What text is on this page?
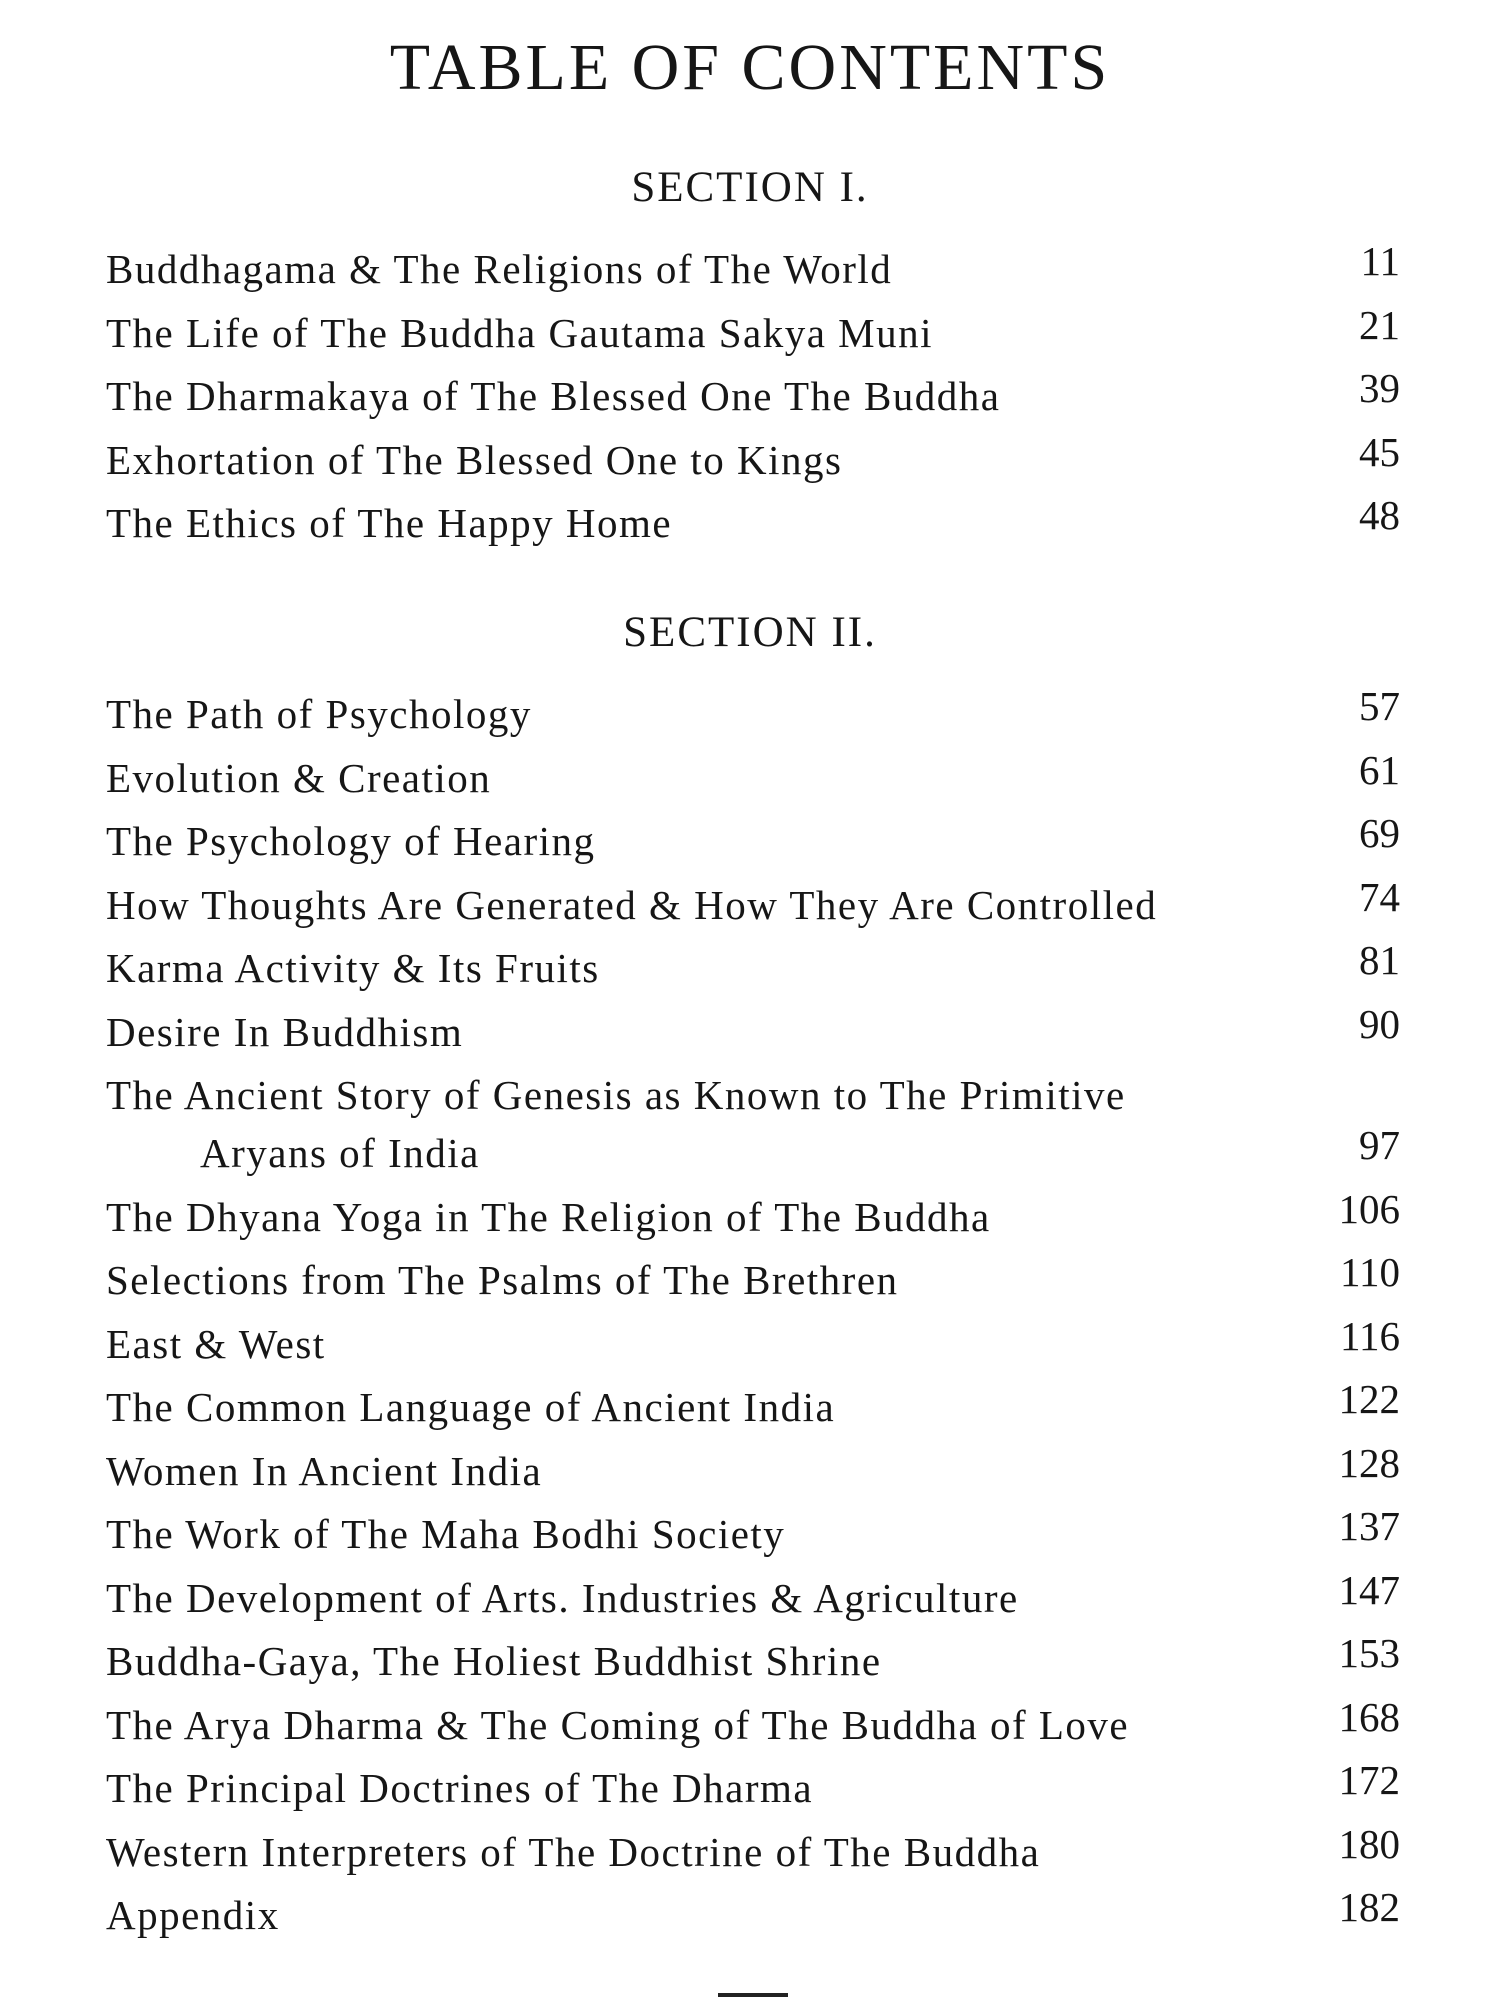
TABLE OF CONTENTS
SECTION I.
Buddhagama & The Religions of The World	11
The Life of The Buddha Gautama Sakya Muni	21
The Dharmakaya of The Blessed One The Buddha	39
Exhortation of The Blessed One to Kings	45
The Ethics of The Happy Home	48
SECTION II.
The Path of Psychology	57
Evolution & Creation	61
The Psychology of Hearing	69
How Thoughts Are Generated & How They Are Controlled	74
Karma Activity & Its Fruits	81
Desire In Buddhism	90
The Ancient Story of Genesis as Known to The Primitive
Aryans of India	97
The Dhyana Yoga in The Religion of The Buddha	106
Selections from The Psalms of The Brethren	110
East & West	116
The Common Language of Ancient India	122
Women In Ancient India	128
The Work of The Maha Bodhi Society	137
The Development of Arts. Industries & Agriculture	147
Buddha-Gaya, The Holiest Buddhist Shrine	153
The Arya Dharma & The Coming of The Buddha of Love	168
The Principal Doctrines of The Dharma	172
Western Interpreters of The Doctrine of The Buddha	180
Appendix	182
